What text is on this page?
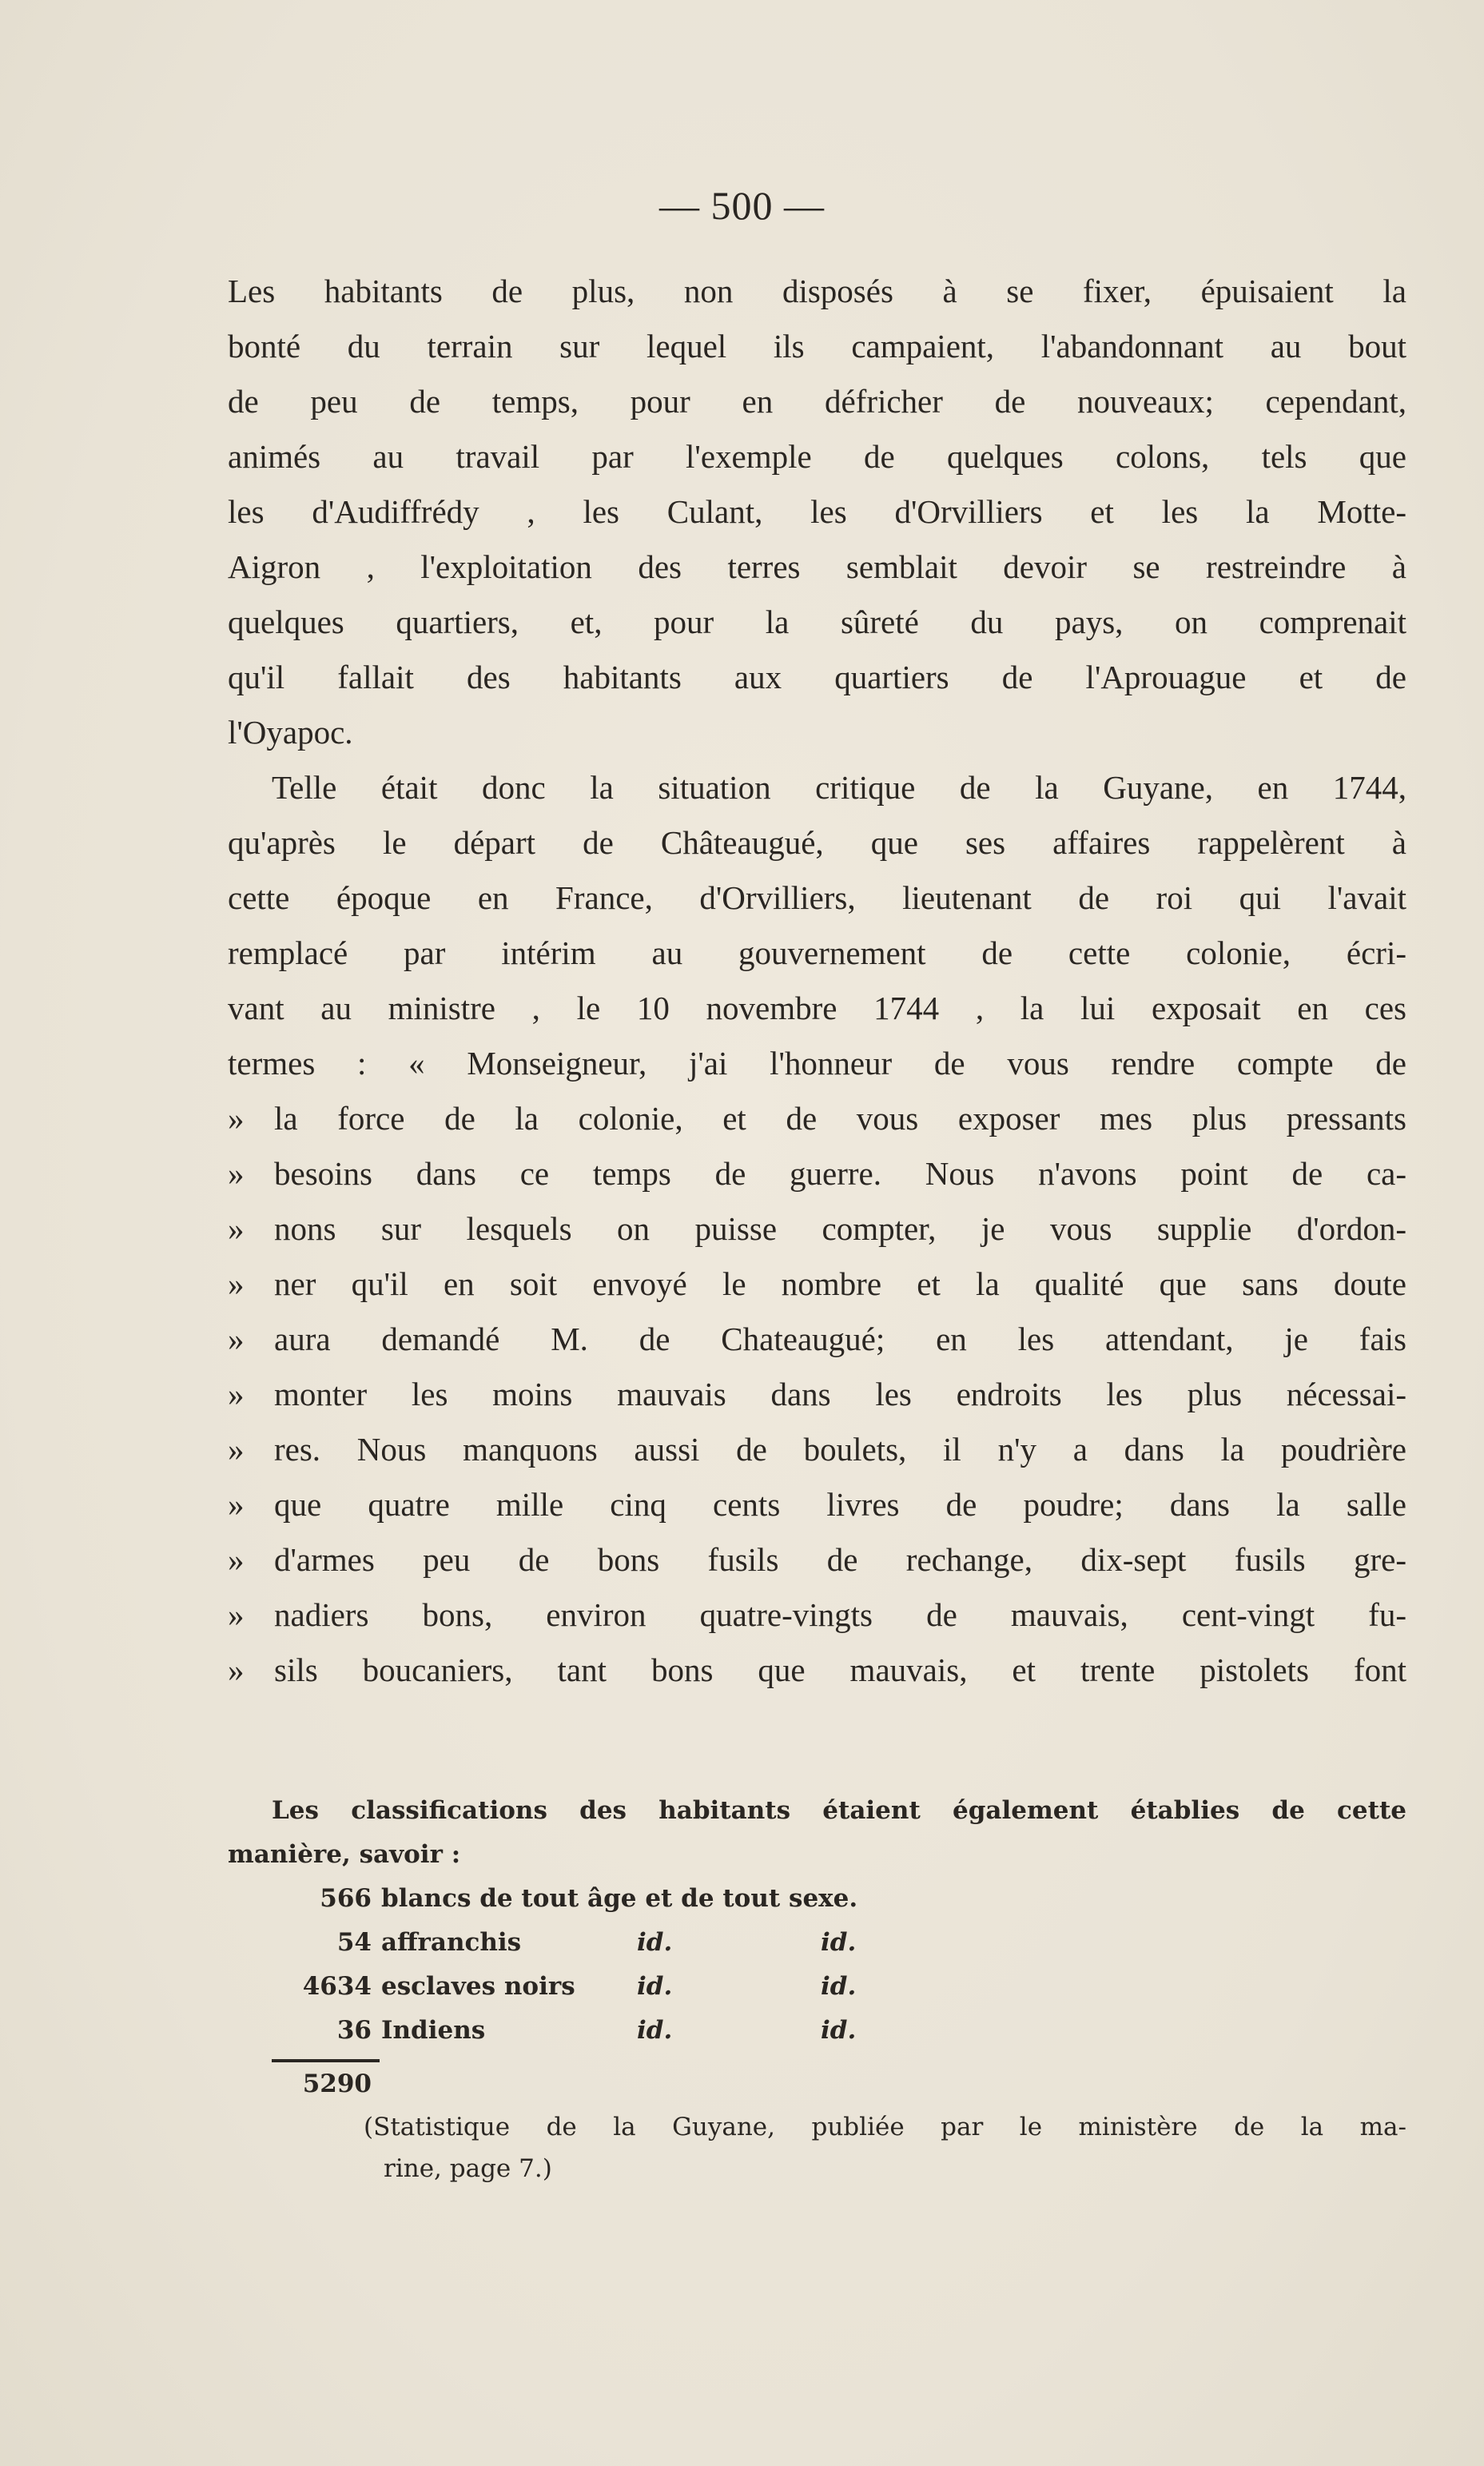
— 500 —
Les habitants de plus, non disposés à se fixer, épuisaient la
bonté du terrain sur lequel ils campaient, l'abandonnant au bout
de peu de temps, pour en défricher de nouveaux; cependant,
animés au travail par l'exemple de quelques colons, tels que
les d'Audiffrédy , les Culant, les d'Orvilliers et les la Motte-
Aigron , l'exploitation des terres semblait devoir se restreindre à
quelques quartiers, et, pour la sûreté du pays, on comprenait
qu'il fallait des habitants aux quartiers de l'Aprouague et de
l'Oyapoc.
Telle était donc la situation critique de la Guyane, en 1744,
qu'après le départ de Châteaugué, que ses affaires rappelèrent à
cette époque en France, d'Orvilliers, lieutenant de roi qui l'avait
remplacé par intérim au gouvernement de cette colonie, écri-
vant au ministre , le 10 novembre 1744 , la lui exposait en ces
termes : « Monseigneur, j'ai l'honneur de vous rendre compte de
» la force de la colonie, et de vous exposer mes plus pressants
» besoins dans ce temps de guerre. Nous n'avons point de ca-
» nons sur lesquels on puisse compter, je vous supplie d'ordon-
» ner qu'il en soit envoyé le nombre et la qualité que sans doute
» aura demandé M. de Chateaugué; en les attendant, je fais
» monter les moins mauvais dans les endroits les plus nécessai-
» res. Nous manquons aussi de boulets, il n'y a dans la poudrière
» que quatre mille cinq cents livres de poudre; dans la salle
» d'armes peu de bons fusils de rechange, dix-sept fusils gre-
» nadiers bons, environ quatre-vingts de mauvais, cent-vingt fu-
» sils boucaniers, tant bons que mauvais, et trente pistolets font
Les classifications des habitants étaient également établies de cette
manière, savoir :
566 blancs de tout âge et de tout sexe.
54 affranchis	id.	id.
4634 esclaves noirs	id.	id.
36 Indiens	id.	id.
5290
(Statistique de la Guyane, publiée par le ministère de la ma-
rine, page 7.)
